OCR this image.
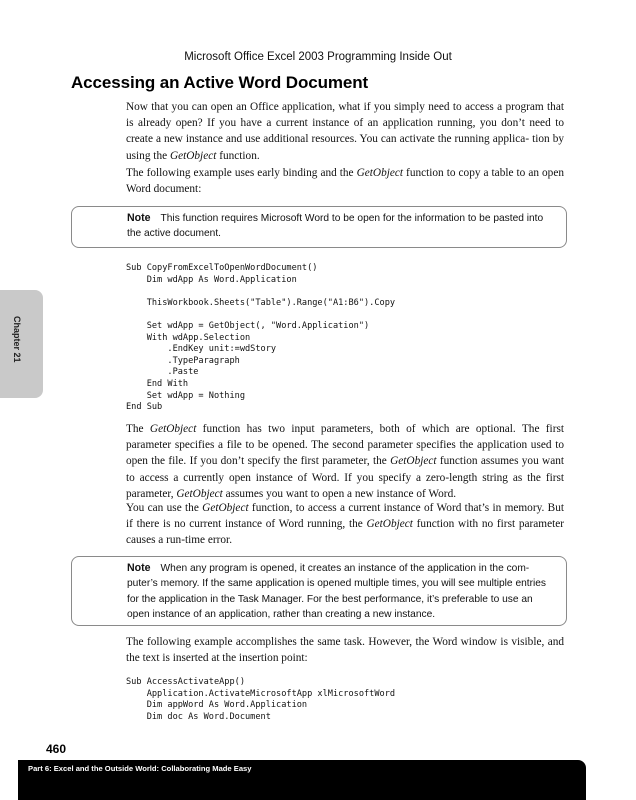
Microsoft Office Excel 2003 Programming Inside Out
Accessing an Active Word Document

Now that you can open an Office application, what if you simply need to access a program that is already open? If you have a current instance of an application running, you don’t need to create a new instance and use additional resources. You can activate the running applica- tion by using the GetObject function.

The following example uses early binding and the GetObject function to copy a table to an open Word document:

Note This function requires Microsoft Word to be open for the information to be pasted into the active document.

Sub CopyFromExcelToOpenWordDocument()
Dim wdApp As Word.Application

ThisWorkbook.Sheets("Table").Range("A1:B6").Copy

Set wdApp = GetObject(, "Word.Application")
With wdApp.Selection
.EndKey unit:=wdStory
.TypeParagraph
.Paste
End With
Set wdApp = Nothing
End Sub

The GetObject function has two input parameters, both of which are optional. The first parameter specifies a file to be opened. The second parameter specifies the application used to open the file. If you don’t specify the first parameter, the GetObject function assumes you want to access a currently open instance of Word. If you specify a zero-length string as the first parameter, GetObject assumes you want to open a new instance of Word.

You can use the GetObject function, to access a current instance of Word that’s in memory. But if there is no current instance of Word running, the GetObject function with no first parameter causes a run-time error.

Note When any program is opened, it creates an instance of the application in the com- puter’s memory. If the same application is opened multiple times, you will see multiple entries for the application in the Task Manager. For the best performance, it’s preferable to use an open instance of an application, rather than creating a new instance.

The following example accomplishes the same task. However, the Word window is visible, and the text is inserted at the insertion point:

Sub AccessActivateApp()
Application.ActivateMicrosoftApp xlMicrosoftWord
Dim appWord As Word.Application
Dim doc As Word.Document
Chapter 21
460
Part 6: Excel and the Outside World: Collaborating Made Easy
